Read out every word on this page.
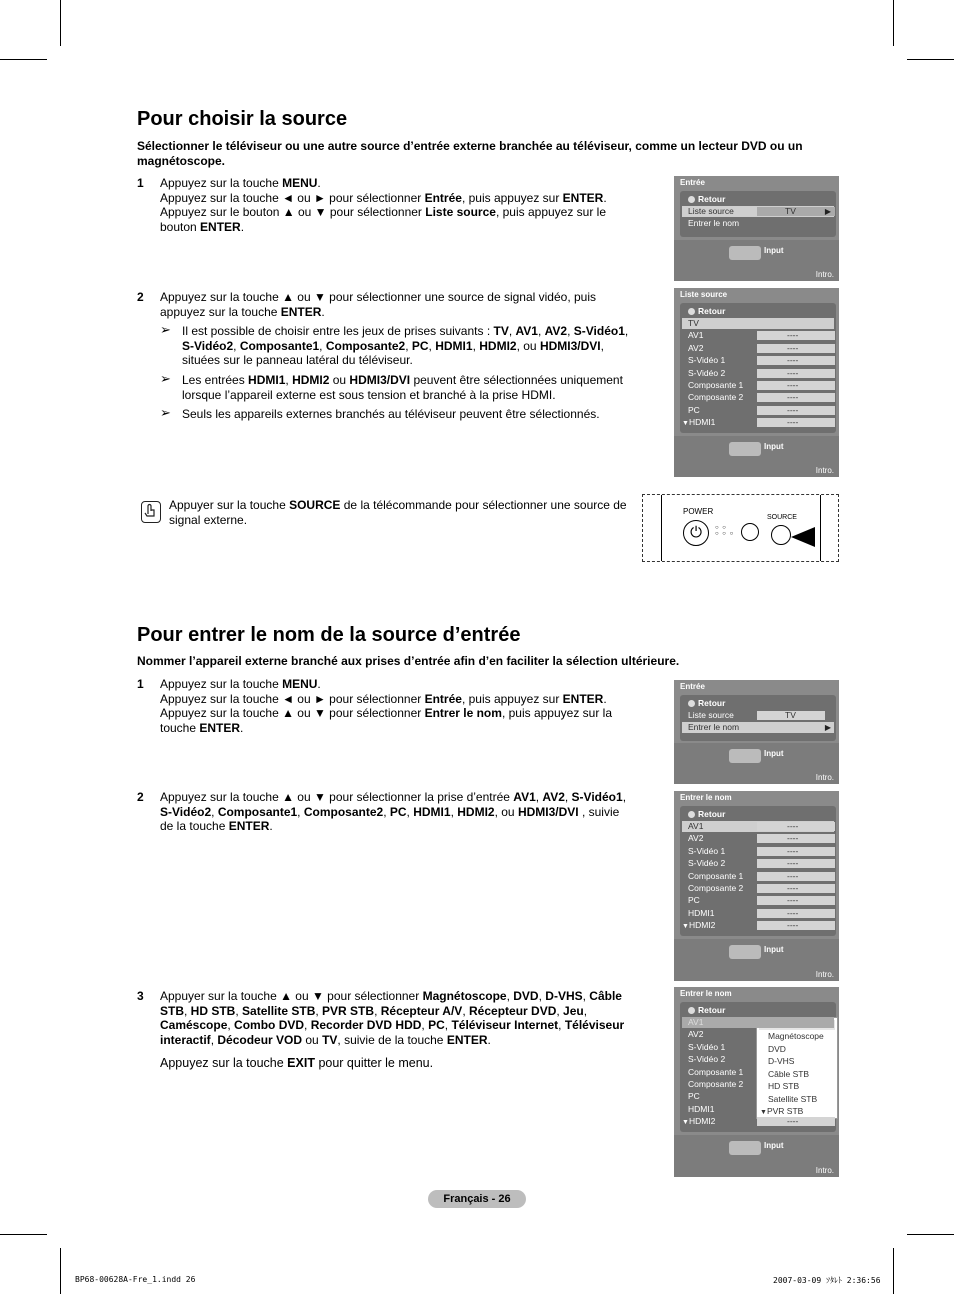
Pour choisir la source
Sélectionner le téléviseur ou une autre source d’entrée externe branchée au téléviseur, comme un lecteur DVD ou un magnétoscope.
1 Appuyez sur la touche MENU.
Appuyez sur la touche ◄ ou ► pour sélectionner Entrée, puis appuyez sur ENTER.
Appuyez sur le bouton ▲ ou ▼ pour sélectionner Liste source, puis appuyez sur le bouton ENTER.
2 Appuyez sur la touche ▲ ou ▼ pour sélectionner une source de signal vidéo, puis appuyez sur la touche ENTER.
➢ Il est possible de choisir entre les jeux de prises suivants : TV, AV1, AV2, S-Vidéo1, S-Vidéo2, Composante1, Composante2, PC, HDMI1, HDMI2, ou HDMI3/DVI, situées sur le panneau latéral du téléviseur.
➢ Les entrées HDMI1, HDMI2 ou HDMI3/DVI peuvent être sélectionnées uniquement lorsque l’appareil externe est sous tension et branché à la prise HDMI.
➢ Seuls les appareils externes branchés au téléviseur peuvent être sélectionnés.
Appuyer sur la touche SOURCE de la télécommande pour sélectionner une source de signal externe.
POWER
⏻	○ ○
○ ○ ○
SOURCE
Entrée
Retour
Liste source	TV	▶
Entrer le nom
Input
Intro.
Liste source
Retour
TV
AV1	----
AV2	----
S-Vidéo 1	----
S-Vidéo 2	----
Composante 1	----
Composante 2	----
PC	----
▼HDMI1	----
Input
Intro.
Pour entrer le nom de la source d’entrée
Nommer l’appareil externe branché aux prises d’entrée afin d’en faciliter la sélection ultérieure.
1 Appuyez sur la touche MENU.
Appuyez sur la touche ◄ ou ► pour sélectionner Entrée, puis appuyez sur ENTER.
Appuyez sur la touche ▲ ou ▼ pour sélectionner Entrer le nom, puis appuyez sur la touche ENTER.
2 Appuyez sur la touche ▲ ou ▼ pour sélectionner la prise d’entrée AV1, AV2, S-Vidéo1, S-Vidéo2, Composante1, Composante2, PC, HDMI1, HDMI2, ou HDMI3/DVI , suivie de la touche ENTER.
3 Appuyer sur la touche ▲ ou ▼ pour sélectionner Magnétoscope, DVD, D-VHS, Câble STB, HD STB, Satellite STB, PVR STB, Récepteur A/V, Récepteur DVD, Jeu, Caméscope, Combo DVD, Recorder DVD HDD, PC, Téléviseur Internet, Téléviseur interactif, Décodeur VOD ou TV, suivie de la touche ENTER.
Appuyez sur la touche EXIT pour quitter le menu.
Entrée
Retour
Liste source	TV
Entrer le nom	▶
Input
Intro.
Entrer le nom
Retour
AV1	----
AV2	----
S-Vidéo 1	----
S-Vidéo 2	----
Composante 1	----
Composante 2	----
PC	----
HDMI1	----
▼HDMI2	----
Input
Intro.
Entrer le nom
Retour
Magnétoscope
DVD
D-VHS
Câble STB
HD STB
Satellite STB
▼PVR STB
AV1
AV2
S-Vidéo 1
S-Vidéo 2
Composante 1
Composante 2
PC
HDMI1
▼HDMI2	----
Input
Intro.
Français - 26
BP68-00628A-Fre_1.indd 26	2007-03-09 ｿﾀﾚﾄ 2:36:56
